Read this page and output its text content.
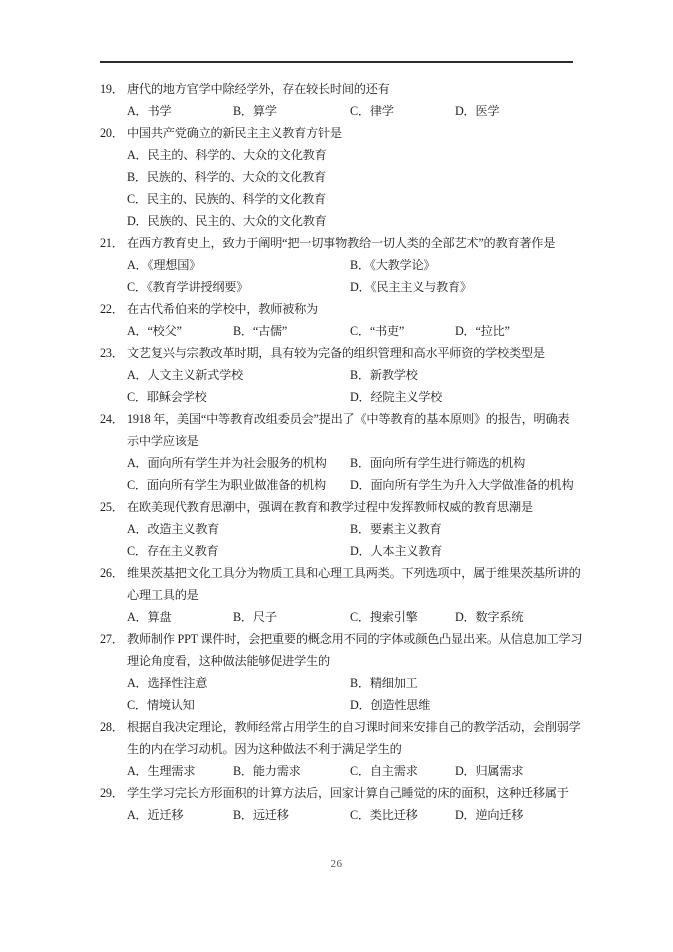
19． 唐代的地方官学中除经学外，存在较长时间的还有
A．书学	B．算学	C．律学	D．医学
20． 中国共产党确立的新民主主义教育方针是
A．民主的、科学的、大众的文化教育
B．民族的、科学的、大众的文化教育
C．民主的、民族的、科学的文化教育
D．民族的、民主的、大众的文化教育
21． 在西方教育史上，致力于阐明“把一切事物教给一切人类的全部艺术”的教育著作是
A．《理想国》	B．《大教学论》
C．《教育学讲授纲要》	D．《民主主义与教育》
22． 在古代希伯来的学校中，教师被称为
A．“校父”	B．“古儒”	C．“书吏”	D．“拉比”
23． 文艺复兴与宗教改革时期，具有较为完备的组织管理和高水平师资的学校类型是
A．人文主义新式学校	B．新教学校
C．耶稣会学校	D．经院主义学校
24． 1918 年，美国“中等教育改组委员会”提出了《中等教育的基本原则》的报告，明确表
示中学应该是
A．面向所有学生并为社会服务的机构 B．面向所有学生进行筛选的机构
C．面向所有学生为职业做准备的机构 D．面向所有学生为升入大学做准备的机构
25． 在欧美现代教育思潮中，强调在教育和教学过程中发挥教师权威的教育思潮是
A．改造主义教育	B．要素主义教育
C．存在主义教育	D．人本主义教育
26． 维果茨基把文化工具分为物质工具和心理工具两类。下列选项中，属于维果茨基所讲的
心理工具的是
A．算盘	B．尺子	C．搜索引擎	D．数字系统
27． 教师制作 PPT 课件时，会把重要的概念用不同的字体或颜色凸显出来。从信息加工学习
理论角度看，这种做法能够促进学生的
A．选择性注意	B．精细加工
C．情境认知	D．创造性思维
28． 根据自我决定理论，教师经常占用学生的自习课时间来安排自己的教学活动，会削弱学
生的内在学习动机。因为这种做法不利于满足学生的
A．生理需求	B．能力需求	C．自主需求	D．归属需求
29． 学生学习完长方形面积的计算方法后，回家计算自己睡觉的床的面积，这种迁移属于
A．近迁移	B．远迁移	C．类比迁移	D．逆向迁移
26
